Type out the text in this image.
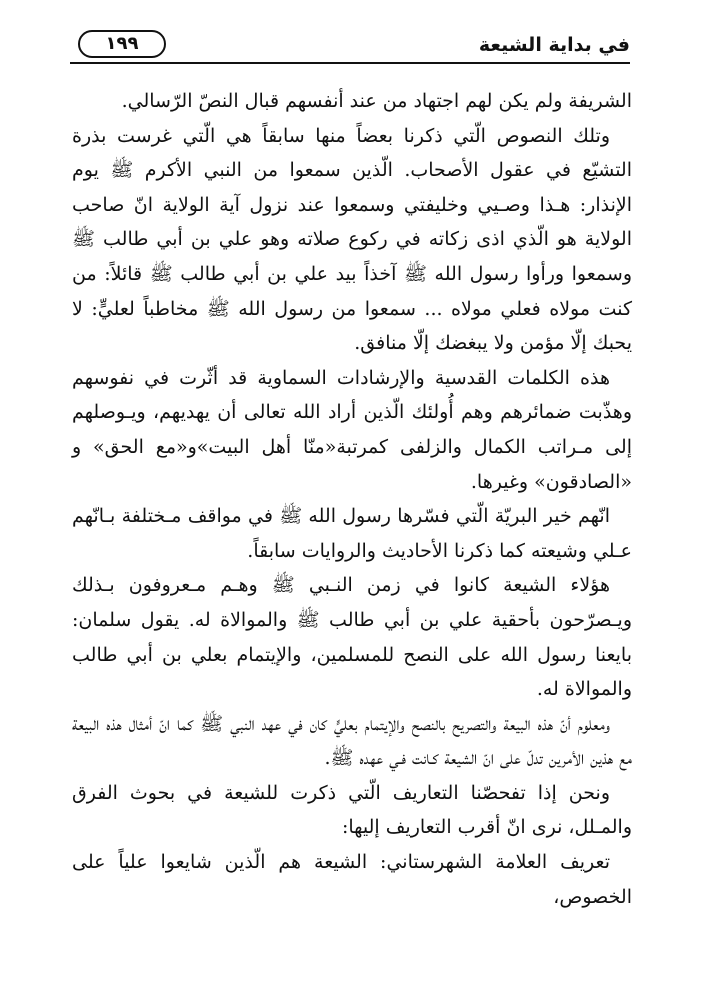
في بداية الشيعة
١٩٩

الشريفة ولم يكن لهم اجتهاد من عند أنفسهم قبال النصّ الرّسالي.

وتلك النصوص الّتي ذكرنا بعضاً منها سابقاً هي الّتي غرست بذرة التشيّع في عقول الأصحاب. الّذين سمعوا من النبي الأكرم ﷺ يوم الإنذار: هـذا وصـيي وخليفتي وسمعوا عند نزول آية الولاية انّ صاحب الولاية هو الّذي اذى زكاته في ركوع صلاته وهو علي بن أبي طالب ﷺ وسمعوا ورأوا رسول الله ﷺ آخذاً بيد علي بن أبي طالب ﷺ قائلاً: من كنت مولاه فعلي مولاه ... سمعوا من رسول الله ﷺ مخاطباً لعليٍّ: لا يحبك إلّا مؤمن ولا يبغضك إلّا منافق.

هذه الكلمات القدسية والإرشادات السماوية قد أثّرت في نفوسهم وهذّبت ضمائرهم وهم أُولئك الّذين أراد الله تعالى أن يهديهم، ويـوصلهم إلى مـراتب الكمال والزلفى كمرتبة«منّا أهل البيت»و«مع الحق» و «الصادقون» وغيرها.

انّهم خير البريّة الّتي فسّرها رسول الله ﷺ في مواقف مـختلفة بـانّهم عـلي وشيعته كما ذكرنا الأحاديث والروايات سابقاً.

هؤلاء الشيعة كانوا في زمن النـبي ﷺ وهـم مـعروفون بـذلك ويـصرّحون بأحقية علي بن أبي طالب ﷺ والموالاة له. يقول سلمان: بايعنا رسول الله على النصح للمسلمين، والإيتمام بعلي بن أبي طالب والموالاة له.

ومعلوم أنّ هذه البيعة والتصريح بالنصح والإيتمام بعليٍّ كان في عهد النبي ﷺ كما انّ أمثال هذه البيعة مع هذين الأمرين تدلّ على انّ الشيعة كـانت فـي عهده ﷺ.

ونحن إذا تفحصّنا التعاريف الّتي ذكرت للشيعة في بحوث الفرق والمـلل، نرى انّ أقرب التعاريف إليها:

تعريف العلامة الشهرستاني: الشيعة هم الّذين شايعوا علياً على الخصوص،
